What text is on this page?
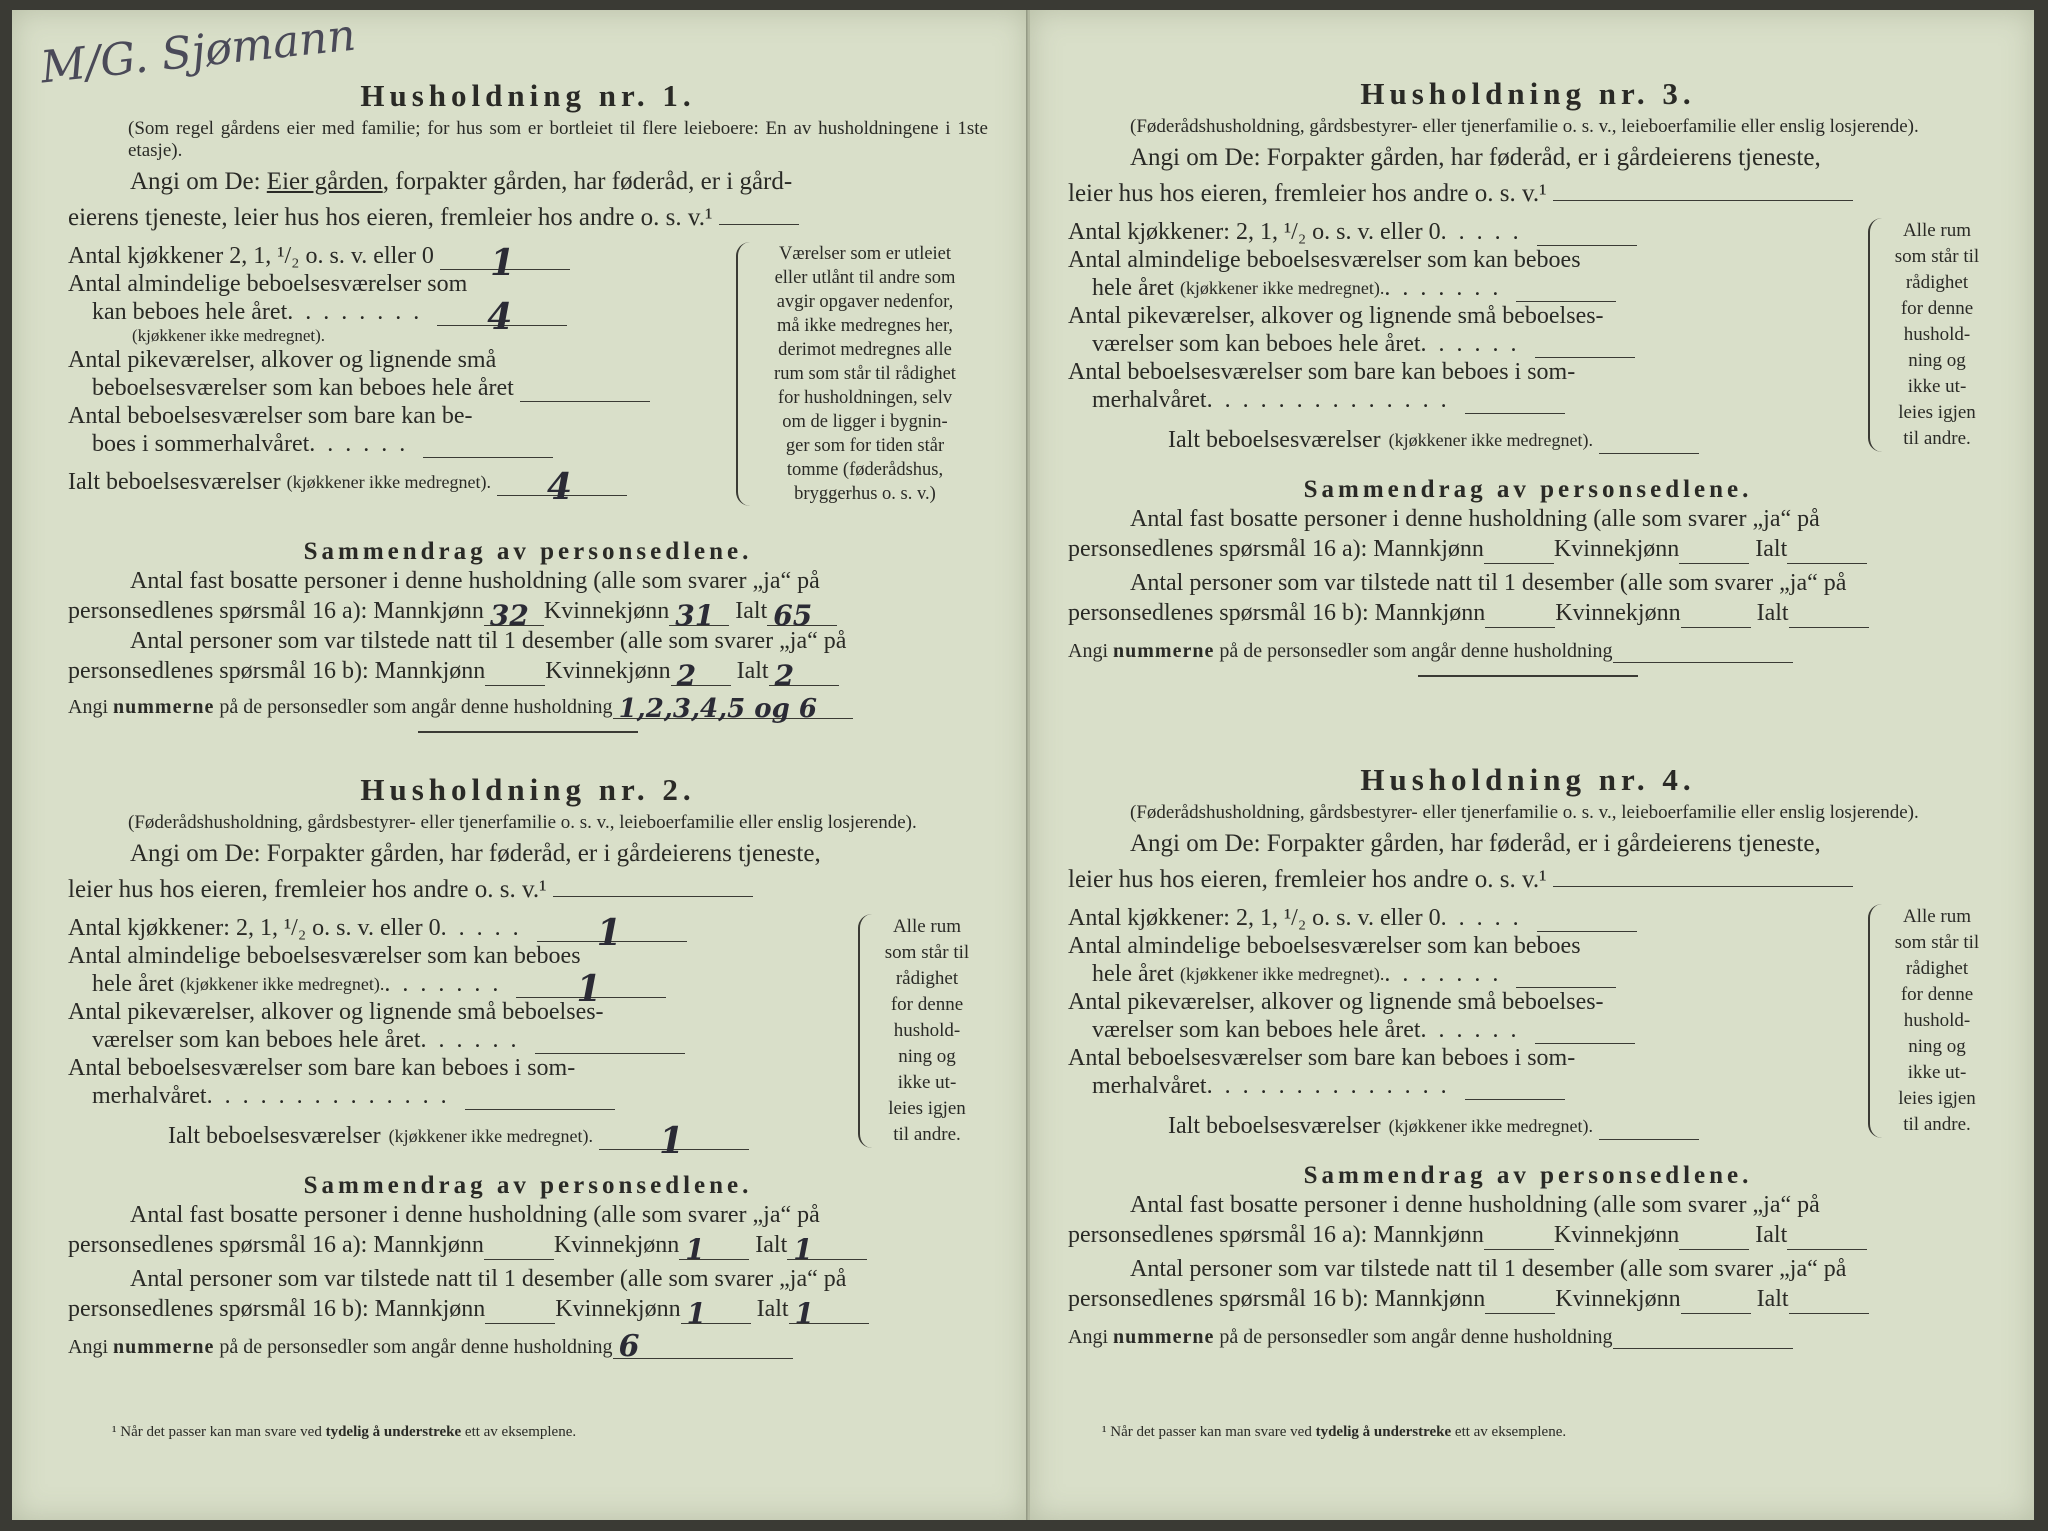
M/G. Sjømann

Husholdning nr. 1.

(Som regel gårdens eier med familie; for hus som er bortleiet til flere leieboere: En av husholdningene i 1ste etasje).

Angi om De: Eier gården, forpakter gården, har føderåd, er i gård-
eierens tjeneste, leier hus hos eieren, fremleier hos andre o. s. v.¹
Antal kjøkkener 2, 1, ¹/₂ o. s. v. eller 0 1
Antal almindelige beboelsesværelser som
kan beboes hele året ........ 4
(kjøkkener ikke medregnet).
Antal pikeværelser, alkover og lignende små
beboelsesværelser som kan beboes hele året
Antal beboelsesværelser som bare kan be-
boes i sommerhalvåret ......
Ialt beboelsesværelser
(kjøkkener ikke medregnet). 4
Værelser som er utleiet
eller utlånt til andre som
avgir opgaver nedenfor,
må ikke medregnes her,
derimot medregnes alle
rum som står til rådighet
for husholdningen, selv
om de ligger i bygnin-
ger som for tiden står
tomme (føderådshus,
bryggerhus o. s. v.)

Sammendrag av personsedlene.

Antal fast bosatte personer i denne husholdning (alle som svarer „ja“ på
personsedlenes spørsmål 16 a): Mannkjønn 32 Kvinnekjønn 31 Ialt 65
Antal personer som var tilstede natt til 1 desember (alle som svarer „ja“ på
personsedlenes spørsmål 16 b): Mannkjønn	Kvinnekjønn 2 Ialt 2
Angi nummerne på de personsedler som angår denne husholdning 1,2,3,4,5 og 6

Husholdning nr. 2.

(Føderådshusholdning, gårdsbestyrer- eller tjenerfamilie o. s. v., leieboerfamilie eller enslig losjerende).

Angi om De: Forpakter gården, har føderåd, er i gårdeierens tjeneste,
leier hus hos eieren, fremleier hos andre o. s. v.¹
Antal kjøkkener: 2, 1, ¹/₂ o. s. v. eller 0 ..... 1
Antal almindelige beboelsesværelser som kan beboes
hele året (kjøkkener ikke medregnet). ....... 1
Antal pikeværelser, alkover og lignende små beboelses-
værelser som kan beboes hele året ......
Antal beboelsesværelser som bare kan beboes i som-
merhalvåret ..............
Ialt beboelsesværelser (kjøkkener ikke medregnet). 1
Alle rum
som står til
rådighet
for denne
hushold-
ning og
ikke ut-
leies igjen
til andre.

Sammendrag av personsedlene.

Antal fast bosatte personer i denne husholdning (alle som svarer „ja“ på
personsedlenes spørsmål 16 a): Mannkjønn	Kvinnekjønn 1 Ialt 1
Antal personer som var tilstede natt til 1 desember (alle som svarer „ja“ på
personsedlenes spørsmål 16 b): Mannkjønn	Kvinnekjønn 1 Ialt 1
Angi nummerne på de personsedler som angår denne husholdning 6

Husholdning nr. 3.

(Føderådshusholdning, gårdsbestyrer- eller tjenerfamilie o. s. v., leieboerfamilie eller enslig losjerende).

Angi om De: Forpakter gården, har føderåd, er i gårdeierens tjeneste,
leier hus hos eieren, fremleier hos andre o. s. v.¹
Antal kjøkkener: 2, 1, ¹/₂ o. s. v. eller 0 .....
Antal almindelige beboelsesværelser som kan beboes
hele året (kjøkkener ikke medregnet). .......
Antal pikeværelser, alkover og lignende små beboelses-
værelser som kan beboes hele året ......
Antal beboelsesværelser som bare kan beboes i som-
merhalvåret ..............
Ialt beboelsesværelser (kjøkkener ikke medregnet).
Alle rum
som står til
rådighet
for denne
hushold-
ning og
ikke ut-
leies igjen
til andre.

Sammendrag av personsedlene.

Antal fast bosatte personer i denne husholdning (alle som svarer „ja“ på
personsedlenes spørsmål 16 a): Mannkjønn	Kvinnekjønn	Ialt
Antal personer som var tilstede natt til 1 desember (alle som svarer „ja“ på
personsedlenes spørsmål 16 b): Mannkjønn	Kvinnekjønn	Ialt
Angi nummerne på de personsedler som angår denne husholdning

Husholdning nr. 4.

(Føderådshusholdning, gårdsbestyrer- eller tjenerfamilie o. s. v., leieboerfamilie eller enslig losjerende).

Angi om De: Forpakter gården, har føderåd, er i gårdeierens tjeneste,
leier hus hos eieren, fremleier hos andre o. s. v.¹
Antal kjøkkener: 2, 1, ¹/₂ o. s. v. eller 0 .....
Antal almindelige beboelsesværelser som kan beboes
hele året (kjøkkener ikke medregnet). .......
Antal pikeværelser, alkover og lignende små beboelses-
værelser som kan beboes hele året ......
Antal beboelsesværelser som bare kan beboes i som-
merhalvåret ..............
Ialt beboelsesværelser (kjøkkener ikke medregnet).
Alle rum
som står til
rådighet
for denne
hushold-
ning og
ikke ut-
leies igjen
til andre.

Sammendrag av personsedlene.

Antal fast bosatte personer i denne husholdning (alle som svarer „ja“ på
personsedlenes spørsmål 16 a): Mannkjønn	Kvinnekjønn	Ialt
Antal personer som var tilstede natt til 1 desember (alle som svarer „ja“ på
personsedlenes spørsmål 16 b): Mannkjønn	Kvinnekjønn	Ialt
Angi nummerne på de personsedler som angår denne husholdning
¹ Når det passer kan man svare ved tydelig å understreke ett av eksemplene.	¹ Når det passer kan man svare ved tydelig å understreke ett av eksemplene.
